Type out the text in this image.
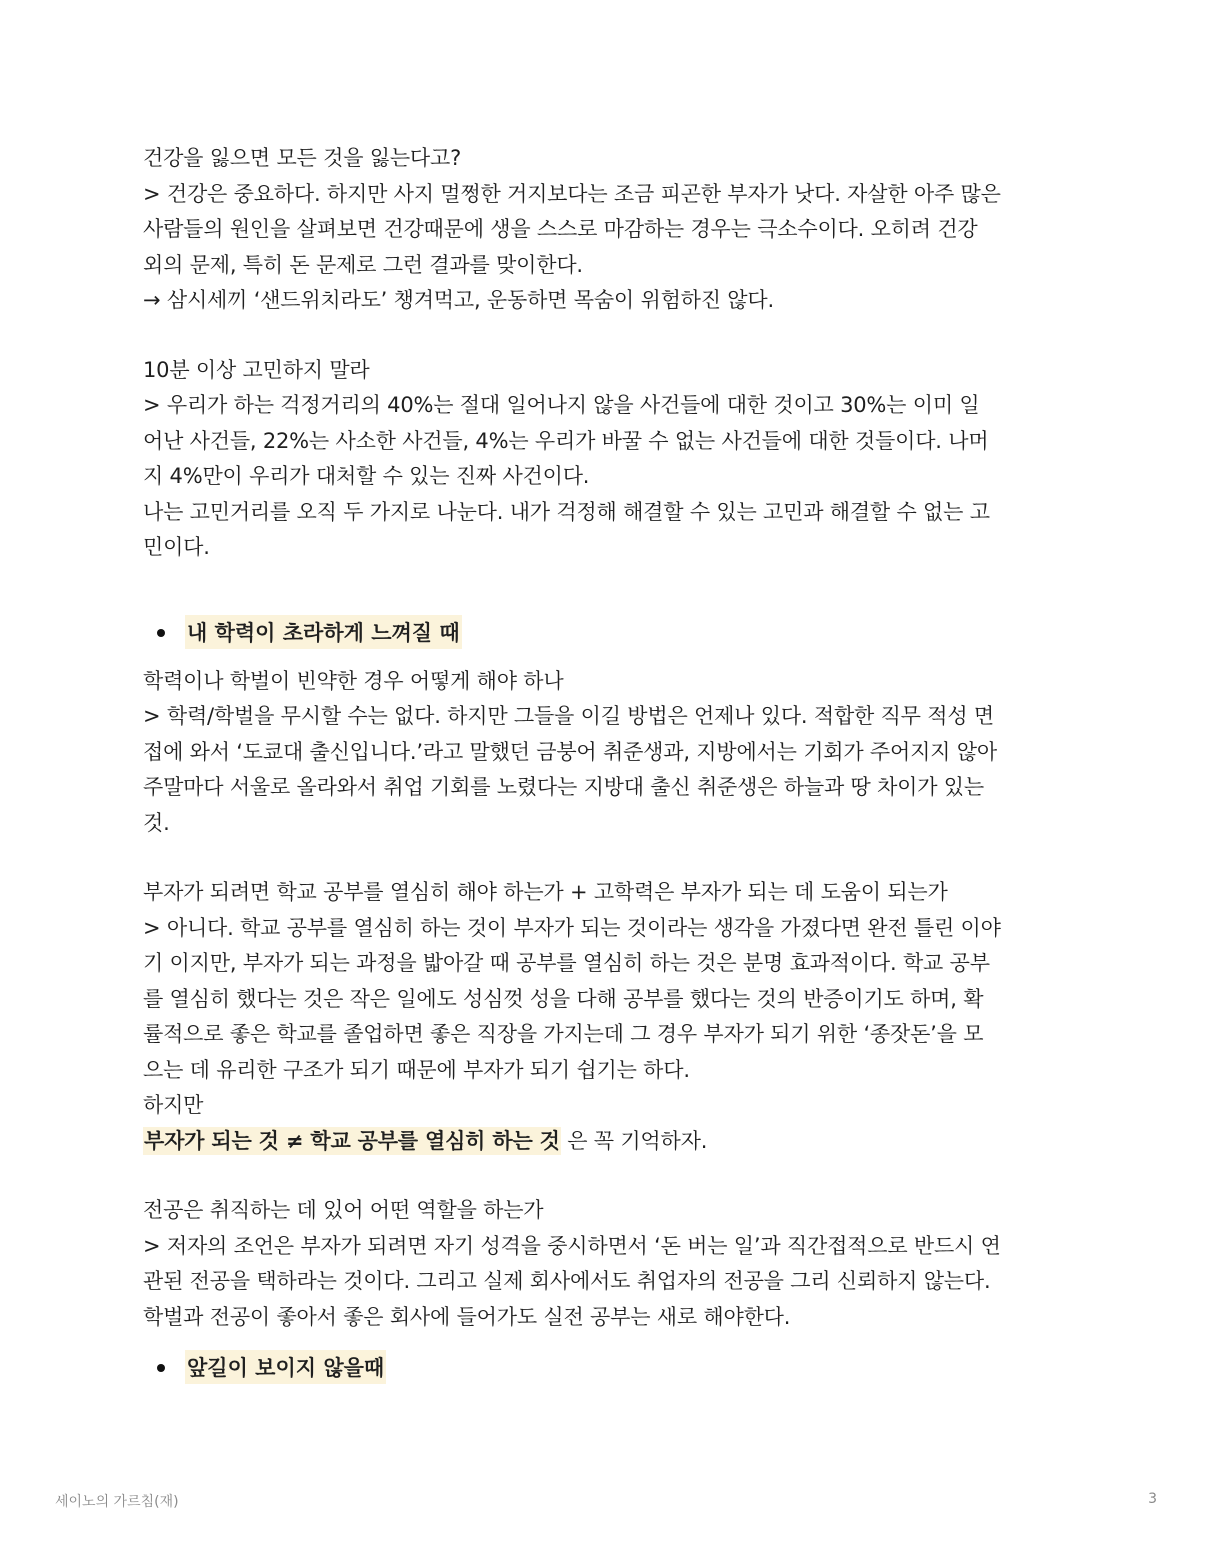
건강을 잃으면 모든 것을 잃는다고?
> 건강은 중요하다. 하지만 사지 멀쩡한 거지보다는 조금 피곤한 부자가 낫다. 자살한 아주 많은
사람들의 원인을 살펴보면 건강때문에 생을 스스로 마감하는 경우는 극소수이다. 오히려 건강
외의 문제, 특히 돈 문제로 그런 결과를 맞이한다.
→ 삼시세끼 ‘샌드위치라도’ 챙겨먹고, 운동하면 목숨이 위험하진 않다.
10분 이상 고민하지 말라
> 우리가 하는 걱정거리의 40%는 절대 일어나지 않을 사건들에 대한 것이고 30%는 이미 일
어난 사건들, 22%는 사소한 사건들, 4%는 우리가 바꿀 수 없는 사건들에 대한 것들이다. 나머
지 4%만이 우리가 대처할 수 있는 진짜 사건이다.
나는 고민거리를 오직 두 가지로 나눈다. 내가 걱정해 해결할 수 있는 고민과 해결할 수 없는 고
민이다.
내 학력이 초라하게 느껴질 때
학력이나 학벌이 빈약한 경우 어떻게 해야 하나
> 학력/학벌을 무시할 수는 없다. 하지만 그들을 이길 방법은 언제나 있다. 적합한 직무 적성 면
접에 와서 ‘도쿄대 출신입니다.’라고 말했던 금붕어 취준생과, 지방에서는 기회가 주어지지 않아
주말마다 서울로 올라와서 취업 기회를 노렸다는 지방대 출신 취준생은 하늘과 땅 차이가 있는
것.
부자가 되려면 학교 공부를 열심히 해야 하는가 + 고학력은 부자가 되는 데 도움이 되는가
> 아니다. 학교 공부를 열심히 하는 것이 부자가 되는 것이라는 생각을 가졌다면 완전 틀린 이야
기 이지만, 부자가 되는 과정을 밟아갈 때 공부를 열심히 하는 것은 분명 효과적이다. 학교 공부
를 열심히 했다는 것은 작은 일에도 성심껏 성을 다해 공부를 했다는 것의 반증이기도 하며, 확
률적으로 좋은 학교를 졸업하면 좋은 직장을 가지는데 그 경우 부자가 되기 위한 ‘종잣돈’을 모
으는 데 유리한 구조가 되기 때문에 부자가 되기 쉽기는 하다.
하지만
부자가 되는 것 ≠ 학교 공부를 열심히 하는 것 은 꼭 기억하자.
전공은 취직하는 데 있어 어떤 역할을 하는가
> 저자의 조언은 부자가 되려면 자기 성격을 중시하면서 ‘돈 버는 일’과 직간접적으로 반드시 연
관된 전공을 택하라는 것이다. 그리고 실제 회사에서도 취업자의 전공을 그리 신뢰하지 않는다.
학벌과 전공이 좋아서 좋은 회사에 들어가도 실전 공부는 새로 해야한다.
앞길이 보이지 않을때
세이노의 가르침(재)	3
